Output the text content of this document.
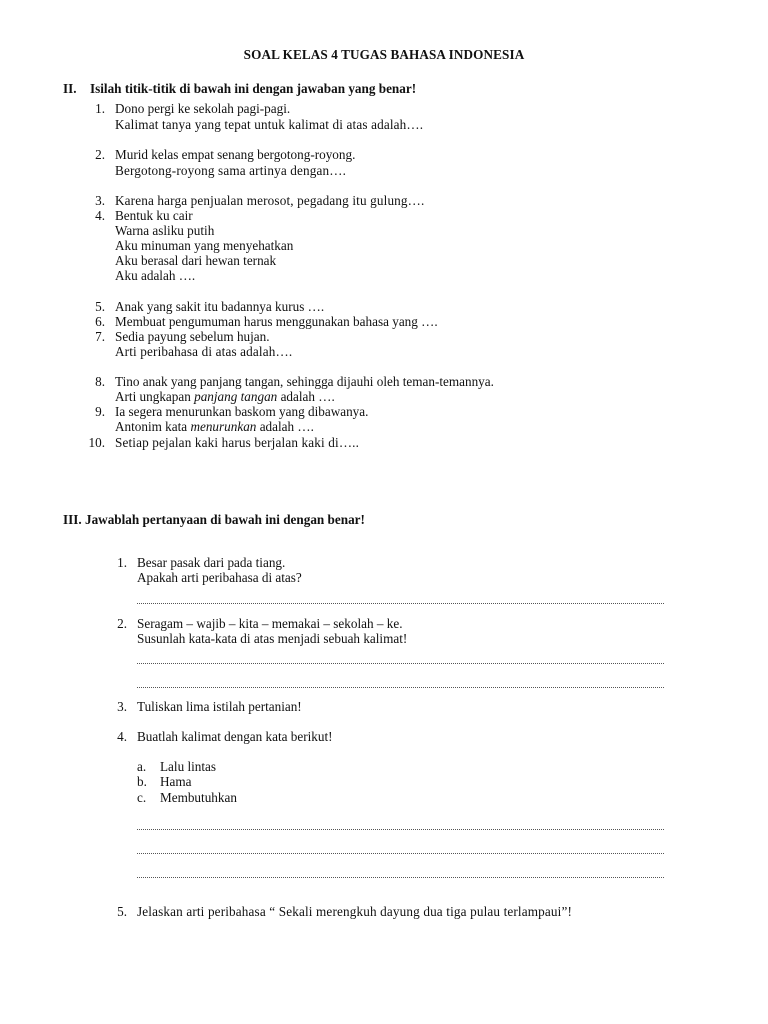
SOAL KELAS 4 TUGAS BAHASA INDONESIA
II. Isilah titik-titik di bawah ini dengan jawaban yang benar!
1. Dono pergi ke sekolah pagi-pagi.
Kalimat tanya yang tepat untuk kalimat di atas adalah….
2. Murid kelas empat senang bergotong-royong.
Bergotong-royong sama artinya dengan….
3. Karena harga penjualan merosot, pegadang itu gulung….
4. Bentuk ku cair
Warna asliku putih
Aku minuman yang menyehatkan
Aku berasal dari hewan ternak
Aku adalah ….
5. Anak yang sakit itu badannya kurus ….
6. Membuat pengumuman harus menggunakan bahasa yang ….
7. Sedia payung sebelum hujan.
Arti peribahasa di atas adalah….
8. Tino anak yang panjang tangan, sehingga dijauhi oleh teman-temannya.
Arti ungkapan panjang tangan adalah ….
9. Ia segera menurunkan baskom yang dibawanya.
Antonim kata menurunkan adalah ….
10. Setiap pejalan kaki harus berjalan kaki di…..
III. Jawablah pertanyaan di bawah ini dengan benar!
1. Besar pasak dari pada tiang.
Apakah arti peribahasa di atas?
2. Seragam – wajib – kita – memakai – sekolah – ke.
Susunlah kata-kata di atas menjadi sebuah kalimat!
3. Tuliskan lima istilah pertanian!
4. Buatlah kalimat dengan kata berikut!
a. Lalu lintas
b. Hama
c. Membutuhkan
5. Jelaskan arti peribahasa “ Sekali merengkuh dayung dua tiga pulau terlampaui”!
